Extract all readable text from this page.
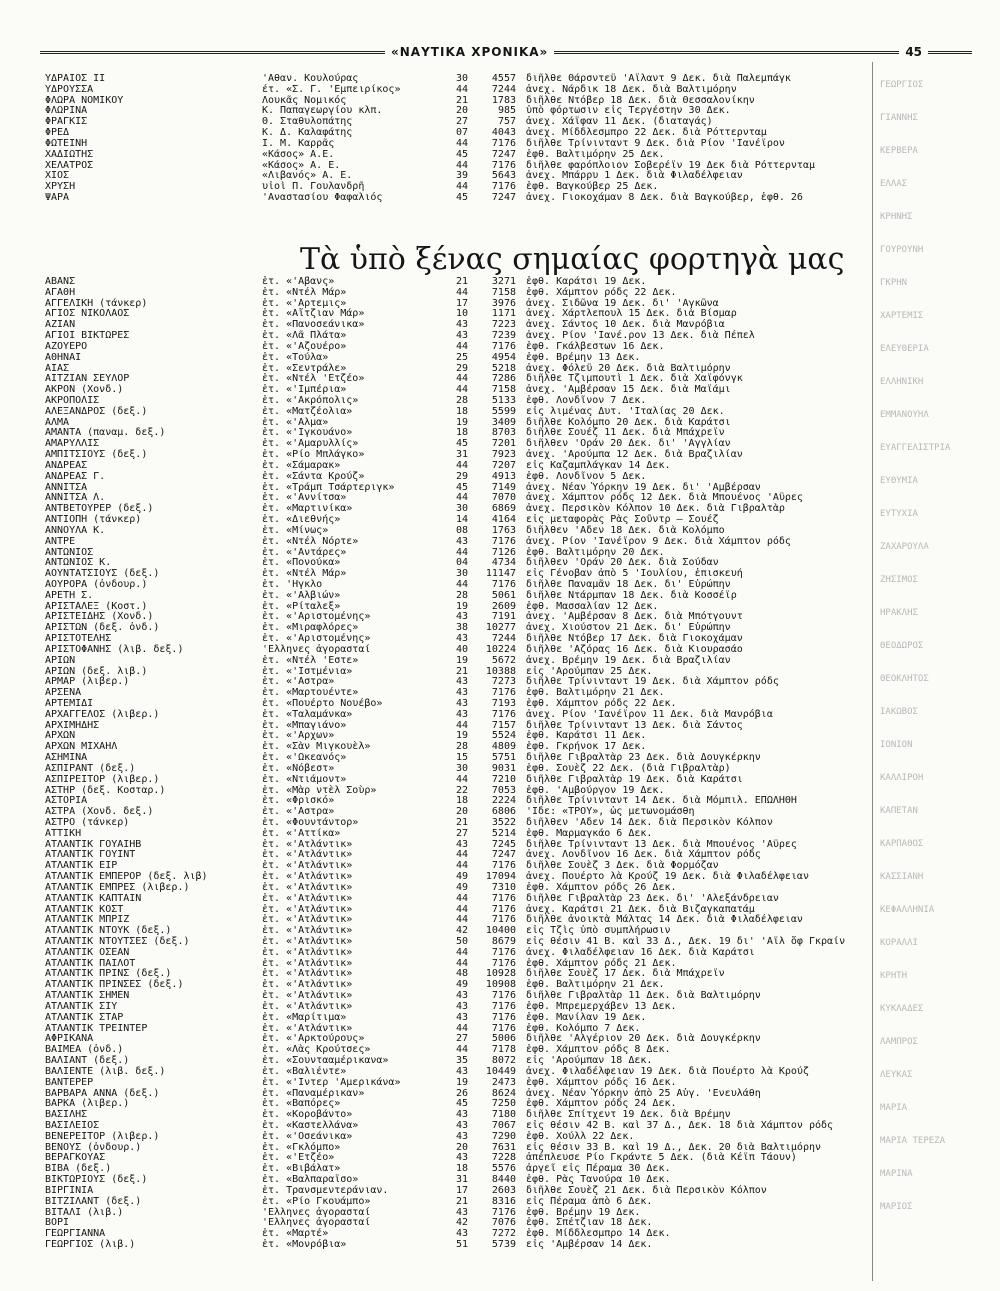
«ΝΑΥΤΙΚΑ ΧΡΟΝΙΚΑ»	45
Τὰ ὑπὸ ξένας σημαίας φορτηγὰ μας
ΥΔΡΑΙΟΣ ΙΙ	'Αθαν. Κουλούρας	30	4557 διῆλθε Θάρσντεϋ 'Αϊλαντ 9 Δεκ. διὰ Παλεμπάγκ
ΥΔΡΟΥΣΣΑ	έτ. «Σ. Γ. 'Εμπειρίκος»	44	7244 ἀνεχ. Νάρδικ 18 Δεκ. διὰ Βαλτιμόρην
ΦΛΩΡΑ ΝΟΜΙΚΟΥ	Λουκᾶς Νομικός	21	1783 διῆλθε Ντόβερ 18 Δεκ. διὰ Θεσσαλονίκην
ΦΛΩΡΙΝΑ	Κ. Παπαγεωργίου κλπ.	20	985 ὑπὸ φόρτωσιν εἰς Τεργέστην 30 Δεκ.
ΦΡΑΓΚΙΣ	Θ. Σταθυλοπάτης	27	757 ἀνεχ. Χάϊφαν 11 Δεκ. (διαταγάς)
ΦΡΕΔ	Κ. Δ. Καλαφάτης	07	4043 ἀνεχ. Μίδδλεσμπρο 22 Δεκ. διὰ Ρόττερνταμ
ΦΩΤΕΙΝΗ	Ι. Μ. Καρρᾶς	44	7176 διῆλθε Τρίνινταντ 9 Δεκ. διὰ Ρίον 'Ιανέϊρον
ΧΑΔΙΩΤΗΣ	«Κάσος» Α.Ε.	45	7247 ἐφθ. Βαλτιμόρην 25 Δεκ.
ΧΕΛΑΤΡΟΣ	«Κάσος» Α. Ε.	44	7176 διῆλθε φαρόπλοιον Σοβερέϊν 19 Δεκ διὰ Ρόττερνταμ
ΧΙΟΣ	«Λιβανός» Α. Ε.	39	5643 ἀνεχ. Μπάρρυ 1 Δεκ. διὰ Φιλαδέλφειαν
ΧΡΥΣΗ	υἱοὶ Π. Γουλανδρῆ	44	7176 ἐφθ. Βαγκούβερ 25 Δεκ.
ΨΑΡΑ	'Αναστασίου Φαφαλιός	45	7247 ἀνεχ. Γιοκοχάμαν 8 Δεκ. διὰ Βαγκούβερ, ἐφθ. 26
ΑΒΑΝΣ	ἑτ. «'Αβανς»	21	3271 ἐφθ. Καράτσι 19 Δεκ.
ΑΓΑΘΗ	ἑτ. «Ντέλ Μάρ»	44	7158 ἐφθ. Χάμπτον ρόδς 22 Δεκ.
ΑΓΓΕΛΙΚΗ (τάνκερ)	ἑτ. «'Αρτεμις»	17	3976 ἀνεχ. Σιδῶνα 19 Δεκ. δι' 'Αγκῶνα
ΑΓΙΟΣ ΝΙΚΟΛΑΟΣ	ἑτ. «Αἴτζιαν Μάρ»	10	1171 ἀνεχ. Χάρτλεπουλ 15 Δεκ. διὰ Βίσμαρ
ΑΖΙΑΝ	ἑτ. «Πανοσεάνικα»	43	7223 ἀνεχ. Σάντος 10 Δεκ. διὰ Μανρόβια
ΑΓΙΟΙ ΒΙΚΤΩΡΕΣ	ἑτ. «Λᾶ Πλάτα»	43	7239 ἀνεχ. Ρίον 'Ιανέ.ρον 13 Δεκ. διὰ Πέπελ
ΑΖΟΥΕΡΟ	ἑτ. «'Αζουέρο»	44	7176 ἐφθ. Γκάλβεστων 16 Δεκ.
ΑΘΗΝΑΙ	ἑτ. «Τούλα»	25	4954 ἐφθ. Βρέμην 13 Δεκ.
ΑΙΑΣ	ἑτ. «Σεντράλε»	29	5218 ἀνεχ. Φόλεϋ 20 Δεκ. διὰ Βαλτιμόρην
ΑΙΤΖΙΑΝ ΣΕΫΛΟΡ	ἑτ. «Ντέλ 'Ετζέο»	44	7286 διῆλθε Τζιμπουτὶ 1 Δεκ. διὰ Χαϊφόνγκ
ΑΚΡΟΝ (Χονδ.)	ἑτ. «'Ιμπέρια»	44	7158 ἀνεχ. 'Αμβέρσαν 15 Δεκ. διὰ Μαϊάμι
ΑΚΡΟΠΟΛΙΣ	ἑτ. «'Ακρόπολις»	28	5133 ἐφθ. Λονδῖνον 7 Δεκ.
ΑΛΕΞΑΝΔΡΟΣ (δεξ.)	ἑτ. «Ματζέολια»	18	5599 εἰς λιμένας Δυτ. 'Ιταλίας 20 Δεκ.
ΑΛΜΑ	ἑτ. «'Αλμα»	19	3409 διῆλθε Κολόμπο 20 Δεκ. διὰ Καράτσι
ΑΜΑΝΤΑ (παναμ. δεξ.)	ἑτ. «'Ιγκουάνο»	18	8703 διῆλθε Σουέζ 11 Δεκ. διὰ Μπάχρεϊν
ΑΜΑΡΥΛΛΙΣ	ἑτ. «'Αμαρυλλίς»	45	7201 διῆλθεν 'Οράν 20 Δεκ. δι' 'Αγγλίαν
ΑΜΠΙΤΣΙΟΥΣ (δεξ.)	ἑτ. «Ρίο Μπλάγκο»	31	7923 ἀνεχ. 'Αρούμπα 12 Δεκ. διὰ Βραζιλίαν
ΑΝΔΡΕΑΣ	ἑτ. «Σάμαρακ»	44	7207 εἰς Καζαμπλάγκαν 14 Δεκ.
ΑΝΔΡΕΑΣ Γ.	ἑτ. «Σάντα Κρούζ»	29	4913 ἐφθ. Λονδῖνον 5 Δεκ.
ΑΝΝΙΤΣΑ	ἑτ. «Τράμπ Τσάρτεριγκ»	45	7149 ἀνεχ. Νέαν Ὑόρκην 19 Δεκ. δι' 'Αμβέρσαν
ΑΝΝΙΤΣΑ Λ.	ἑτ. «'Αννίτσα»	44	7070 ἀνεχ. Χάμπτον ρόδς 12 Δεκ. διὰ Μπουένος 'Αϋρες
ΑΝΤΒΕΤΟΥΡΕΡ (δεξ.)	ἑτ. «Μαρτινίκα»	30	6869 ἀνεχ. Περσικὸν Κόλπον 10 Δεκ. διὰ Γιβραλτὰρ
ΑΝΤΙΟΠΗ (τάνκερ)	ἑτ. «Διεθνής»	14	4164 εἰς μεταφορὰς Ρὰς Σοῦντρ — Σουέζ
ΑΝΝΟΥΛΑ Κ.	ἑτ. «Μίνως»	08	1763 διῆλθεν 'Αδεν 18 Δεκ. διὰ Κολόμπο
ΑΝΤΡΕ	ἑτ. «Ντέλ Νόρτε»	43	7176 ἀνεχ. Ρίον 'Ιανέϊρον 9 Δεκ. διὰ Χάμπτον ρόδς
ΑΝΤΩΝΙΟΣ	ἑτ. «'Αντάρες»	44	7126 ἐφθ. Βαλτιμόρην 20 Δεκ.
ΑΝΤΩΝΙΟΣ Κ.	ἑτ. «Πονούκα»	04	4734 διῆλθεν 'Οράν 20 Δεκ. διὰ Σούδαν
ΑΟΥΝΤΑΤΣΙΟΥΣ (δεξ.)	ἑτ. «Ντέλ Μάρ»	30	11147 εἰς Γένοβαν ἀπὸ 5 'Ιουλίου, ἐπισκευή
ΑΟΥΡΟΡΑ (ὀνδουρ.)	ἑτ. 'Ηγκλο	44	7176 διῆλθε Παναμᾶν 18 Δεκ. δι' Εὐρώπην
ΑΡΕΤΗ Σ.	ἑτ. «'Αλβιών»	28	5061 διῆλθε Ντάρμπαν 18 Δεκ. διὰ Κοσσέϊρ
ΑΡΙΣΤΑΛΕΞ (Κοστ.)	ἑτ. «Ρίταλεξ»	19	2609 ἐφθ. Μασσαλίαν 12 Δεκ.
ΑΡΙΣΤΕΙΔΗΣ (Χονδ.)	ἑτ. «'Αριστομένης»	43	7191 ἀνεχ. 'Αμβέρσαν 8 Δεκ. διὰ Μπότγουντ
ΑΡΙΣΤΩΝ (δεξ. ὀνδ.)	ἑτ. «Μιραφλόρες»	38	10277 ἀνεχ. Χιούστον 21 Δεκ. δι' Εὐρώπην
ΑΡΙΣΤΟΤΕΛΗΣ	ἑτ. «'Αριστομένης»	43	7244 διῆλθε Ντόβερ 17 Δεκ. διὰ Γιοκοχάμαν
ΑΡΙΣΤΟΦΑΝΗΣ (λιβ. δεξ.)	'Ελληνες ἀγορασταί	40	10224 διῆλθε 'Αζόρας 16 Δεκ. διὰ Κιουρασάο
ΑΡΙΩΝ	ἑτ. «Ντέλ 'Εστε»	19	5672 ἀνεχ. Βρέμην 19 Δεκ. διὰ Βραζιλίαν
ΑΡΙΩΝ (δεξ. λιβ.)	ἑτ. «'Ιστμένια»	21	10388 εἰς 'Αρούμπαν 25 Δεκ.
ΑΡΜΑΡ (λιβερ.)	ἑτ. «'Αστρα»	43	7273 διῆλθε Τρίνινταντ 19 Δεκ. διὰ Χάμπτον ρόδς
ΑΡΣΕΝΑ	ἑτ. «Μαρτουέντε»	43	7176 ἐφθ. Βαλτιμόρην 21 Δεκ.
ΑΡΤΕΜΙΔΙ	ἑτ. «Πουέρτο Νουέβο»	43	7193 ἐφθ. Χάμπτον ρόδς 22 Δεκ.
ΑΡΧΑΓΓΕΛΟΣ (λιβερ.)	ἑτ. «Ταλαμάνκα»	43	7176 ἀνεχ. Ρίον 'Ιανέϊρον 11 Δεκ. διὰ Μανρόβια
ΑΡΧΙΜΗΔΗΣ	ἑτ. «Μπαγιάνο»	44	7157 διῆλθε Τρίνινταντ 13 Δεκ. διὰ Σάντος
ΑΡΧΩΝ	ἑτ. «'Αρχων»	19	5524 ἐφθ. Καράτσι 11 Δεκ.
ΑΡΧΩΝ ΜΙΧΑΗΛ	ἑτ. «Σὰν Μιγκουὲλ»	28	4809 ἐφθ. Γκρήνοκ 17 Δεκ.
ΑΣΗΜΙΝΑ	ἑτ. «'Ωκεανός»	15	5751 διῆλθε Γιβραλτὰρ 23 Δεκ. διὰ Δουγκέρκην
ΑΣΠΙΡΑΝΤ (δεξ.)	ἑτ. «Νόβεστ»	30	9031 ἐφθ. Σουὲζ 22 Δεκ. (διὰ Γιβραλτὰρ)
ΑΣΠΙΡΕΪΤΟΡ (λιβερ.)	ἑτ. «Ντιάμοντ»	44	7210 διῆλθε Γιβραλτὰρ 19 Δεκ. διὰ Καράτσι
ΑΣΤΗΡ (δεξ. Κοσταρ.)	ἑτ. «Μὰρ ντὲλ Σοὺρ»	22	7053 ἐφθ. 'Αμβούργον 19 Δεκ.
ΑΣΤΟΡΙΑ	ἑτ. «Φρισκό»	18	2224 διῆλθε Τρίνινταντ 14 Δεκ. διὰ Μόμπιλ. ΕΠΩΛΗΘΗ
ΑΣΤΡΑ (Χονδ. δεξ.)	ἑτ. «'Αστρα»	20	6806 'Ιδε: «ΤΡΟΫ», ὡς μετωνομάσθη
ΑΣΤΡΟ (τάνκερ)	ἑτ. «Φουντάντορ»	21	3522 διῆλθεν 'Αδεν 14 Δεκ. διὰ Περσικὸν Κόλπον
ΑΤΤΙΚΗ	ἑτ. «'Αττίκα»	27	5214 ἐφθ. Μαρμαγκάο 6 Δεκ.
ΑΤΛΑΝΤΙΚ ΓΟΥΑΪΗΒ	ἑτ. «'Ατλάντικ»	43	7245 διῆλθε Τρίνινταντ 13 Δεκ. διὰ Μπουένος 'Αϋρες
ΑΤΛΑΝΤΙΚ ΓΟΥΪΝΤ	ἑτ. «'Ατλάντικ»	44	7247 ἀνεχ. Λονδῖνον 16 Δεκ. διὰ Χάμπτον ρόδς
ΑΤΛΑΝΤΙΚ ΕΪΡ	ἑτ. «'Ατλάντικ»	44	7176 διῆλθε Σουὲζ 3 Δεκ. διὰ Φορμόζαν
ΑΤΛΑΝΤΙΚ ΕΜΠΕΡΟΡ (δεξ. λιβ)	ἑτ. «'Ατλάντικ»	49	17094 ἀνεχ. Πουέρτο λὰ Κρούζ 19 Δεκ. διὰ Φιλαδέλφειαν
ΑΤΛΑΝΤΙΚ ΕΜΠΡΕΣ (λιβερ.)	ἑτ. «'Ατλάντικ»	49	7310 ἐφθ. Χάμπτον ρόδς 26 Δεκ.
ΑΤΛΑΝΤΙΚ ΚΑΠΤΑΙΝ	ἑτ. «'Ατλάντικ»	44	7176 διῆλθε Γιβραλτὰρ 23 Δεκ. δι' 'Αλεξάνδρειαν
ΑΤΛΑΝΤΙΚ ΚΟΣΤ	ἑτ. «'Ατλάντικ»	44	7176 ἀνεχ. Καράτσι 21 Δεκ. διὰ Βιζαγκαπατάμ
ΑΤΛΑΝΤΙΚ ΜΠΡΙΖ	ἑτ. «'Ατλάντικ»	44	7176 διῆλθε ἀνοικτὰ Μάλτας 14 Δεκ. διὰ Φιλαδέλφειαν
ΑΤΛΑΝΤΙΚ ΝΤΟΥΚ (δεξ.)	ἑτ. «'Ατλάντικ»	42	10400 εἰς Τζὶς ὑπὸ συμπλήρωσιν
ΑΤΛΑΝΤΙΚ ΝΤΟΥΤΣΕΣ (δεξ.)	ἑτ. «'Ατλάντικ»	50	8679 εἰς θέσιν 41 Β. καὶ 33 Δ., Δεκ. 19 δι' 'Αϊλ ὄφ Γκραίν
ΑΤΛΑΝΤΙΚ ΟΣΕΑΝ	ἑτ. «'Ατλάντικ»	44	7176 ἀνεχ. Φιλαδέλφειαν 16 Δεκ. διὰ Καράτσι
ΑΤΛΑΝΤΙΚ ΠΑΪΛΟΤ	ἑτ. «'Ατλάντικ»	44	7176 ἐφθ. Χάμπτον ρόδς 21 Δεκ.
ΑΤΛΑΝΤΙΚ ΠΡΙΝΣ (δεξ.)	ἑτ. «'Ατλάντικ»	48	10928 διῆλθε Σουὲζ 17 Δεκ. διὰ Μπάχρεϊν
ΑΤΛΑΝΤΙΚ ΠΡΙΝΣΕΣ (δεξ.)	ἑτ. «'Ατλάντικ»	49	10908 ἐφθ. Βαλτιμόρην 21 Δεκ.
ΑΤΛΑΝΤΙΚ ΣΗΜΕΝ	ἑτ. «'Ατλάντικ»	43	7176 διῆλθε Γιβραλτὰρ 11 Δεκ. διὰ Βαλτιμόρην
ΑΤΛΑΝΤΙΚ ΣΙΫ	ἑτ. «'Ατλάντικ»	43	7176 ἐφθ. Μπρεμερχάβεν 13 Δεκ.
ΑΤΛΑΝΤΙΚ ΣΤΑΡ	ἑτ. «Μαρίτιμα»	43	7176 ἐφθ. Μανίλαν 19 Δεκ.
ΑΤΛΑΝΤΙΚ ΤΡΕΪΝΤΕΡ	ἑτ. «'Ατλάντικ»	44	7176 ἐφθ. Κολόμπο 7 Δεκ.
ΑΦΡΙΚΑΝΑ	ἑτ. «'Αρκτούρους»	27	5006 διῆλθε 'Αλγέριον 20 Δεκ. διὰ Δουγκέρκην
ΒΑΪΜΕΑ (ὀνδ.)	ἑτ. «Λὰς Κρούτσες»	44	7178 ἐφθ. Χάμπτον ρόδς 8 Δεκ.
ΒΑΛΙΑΝΤ (δεξ.)	ἑτ. «Σουντααμέρικανα»	35	8072 εἰς 'Αρούμπαν 18 Δεκ.
ΒΑΛΙΕΝΤΕ (λιβ. δεξ.)	ἑτ. «Βαλιέντε»	43	10449 ἀνεχ. Φιλαδέλφειαν 19 Δεκ. διὰ Πουέρτο λὰ Κρούζ
ΒΑΝΤΕΡΕΡ	ἑτ. «'Ιντερ 'Αμερικάνα»	19	2473 ἐφθ. Χάμπτον ρόδς 16 Δεκ.
ΒΑΡΒΑΡΑ ΑΝΝΑ (δεξ.)	ἑτ. «Παναμέρικαν»	26	8624 ἀνεχ. Νέαν Ὑόρκην ἀπὸ 25 Αὐγ. 'Ενευλάθη
ΒΑΡΚΑ (λιβερ.)	ἑτ. «Βαπόρες»	45	7250 ἐφθ. Χάμπτον ρόδς 24 Δεκ.
ΒΑΣΙΛΗΣ	ἑτ. «Κοροβάντο»	43	7180 διῆλθε Σπίτχεντ 19 Δεκ. διὰ Βρέμην
ΒΑΣΙΛΕΙΟΣ	ἑτ. «Καστελλάνα»	43	7067 εἰς θέσιν 42 Β. καὶ 37 Δ., Δεκ. 18 διὰ Χάμπτον ρόδς
ΒΕΝΕΡΕΪΤΟΡ (λιβερ.)	ἑτ. «'Οσεάνικα»	43	7290 ἐφθ. Χούλλ 22 Δεκ.
ΒΕΝΟΥΣ (ὀνδουρ.)	ἑτ. «Γκλόμπο»	20	7631 εἰς θέσιν 33 Β. καὶ 19 Δ., Δεκ. 20 διὰ Βαλτιμόρην
ΒΕΡΑΓΚΟΥΑΣ	ἑτ. «'Ετζέο»	43	7228 ἀπέπλευσε Ρίο Γκράντε 5 Δεκ. (διὰ Κέϊπ Τάουν)
ΒΙΒΑ (δεξ.)	ἑτ. «Βιβάλατ»	18	5576 ἀργεῖ εἰς Πέραμα 30 Δεκ.
ΒΙΚΤΩΡΙΟΥΣ (δεξ.)	ἑτ. «Βαλπαραΐσο»	31	8440 ἐφθ. Ρὰς Τανούρα 10 Δεκ.
ΒΙΡΓΙΝΙΑ	ἑτ. Τρανσμεντεράνιαν.	17	2603 διῆλθε Σουὲζ 21 Δεκ. διὰ Περσικὸν Κόλπον
ΒΙΤΖΙΛΑΝΤ (δεξ.)	ἑτ. «Ρίο Γκουάμπο»	21	8316 εἰς Πέραμα ἀπὸ 6 Δεκ.
ΒΙΤΑΛΙ (λιβ.)	'Ελληνες ἀγορασταί	43	7176 ἐφθ. Βρέμην 19 Δεκ.
ΒΟΡΙ	'Ελληνες ἀγορασταί	42	7076 ἐφθ. Σπέτζιαν 18 Δεκ.
ΓΕΩΡΓΙΑΝΝΑ	ἑτ. «Μαρτέ»	43	7272 ἐφθ. Μίδδλεσμπρο 14 Δεκ.
ΓΕΩΡΓΙΟΣ (λιβ.)	ἑτ. «Μονρόβια»	51	5739 εἰς 'Αμβέρσαν 14 Δεκ.
ΓΕΩΡΓΙΟΣ
ΓΙΑΝΝΗΣ
ΚΕΡΒΕΡΑ
ΕΛΛΑΣ
ΚΡΗΝΗΣ
ΓΟΥΡΟΥΝΗ
ΓΚΡΗΝ
ΧΑΡΤΕΜΙΣ
ΕΛΕΥΘΕΡΙΑ
ΕΛΛΗΝΙΚΗ
ΕΜΜΑΝΟΥΗΛ
ΕΥΑΓΓΕΛΙΣΤΡΙΑ
ΕΥΘΥΜΙΑ
ΕΥΤΥΧΙΑ
ΖΑΧΑΡΟΥΛΑ
ΖΗΣΙΜΟΣ
ΗΡΑΚΛΗΣ
ΘΕΟΔΩΡΟΣ
ΘΕΟΚΛΗΤΟΣ
ΙΑΚΩΒΟΣ
ΙΟΝΙΟΝ
ΚΑΛΛΙΡΟΗ
ΚΑΠΕΤΑΝ
ΚΑΡΠΑΘΟΣ
ΚΑΣΣΙΑΝΗ
ΚΕΦΑΛΛΗΝΙΑ
ΚΟΡΑΛΛΙ
ΚΡΗΤΗ
ΚΥΚΛΑΔΕΣ
ΛΑΜΠΡΟΣ
ΛΕΥΚΑΣ
ΜΑΡΙΑ
ΜΑΡΙΑ ΤΕΡΕΖΑ
ΜΑΡΙΝΑ
ΜΑΡΙΟΣ
